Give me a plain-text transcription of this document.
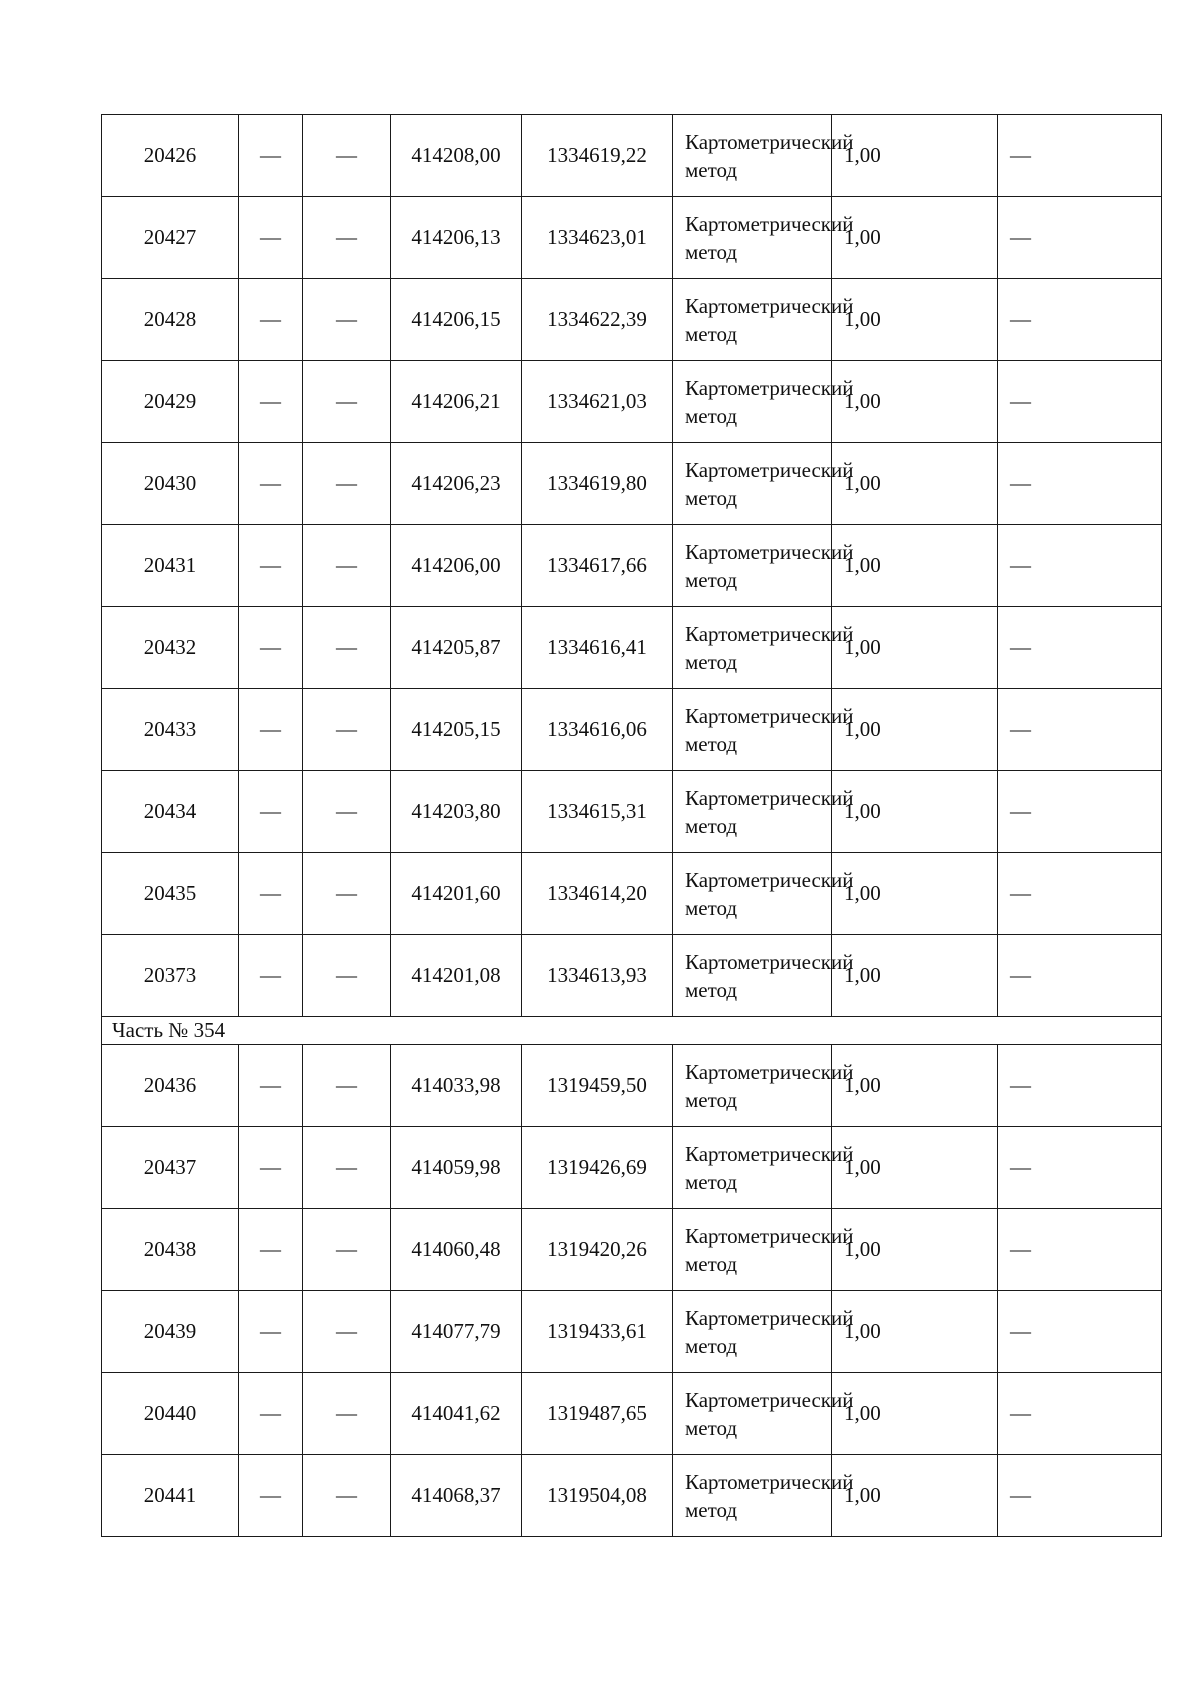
20426	—	—	414208,00	1334619,22	Картометрический метод	1,00	—
20427	—	—	414206,13	1334623,01	Картометрический метод	1,00	—
20428	—	—	414206,15	1334622,39	Картометрический метод	1,00	—
20429	—	—	414206,21	1334621,03	Картометрический метод	1,00	—
20430	—	—	414206,23	1334619,80	Картометрический метод	1,00	—
20431	—	—	414206,00	1334617,66	Картометрический метод	1,00	—
20432	—	—	414205,87	1334616,41	Картометрический метод	1,00	—
20433	—	—	414205,15	1334616,06	Картометрический метод	1,00	—
20434	—	—	414203,80	1334615,31	Картометрический метод	1,00	—
20435	—	—	414201,60	1334614,20	Картометрический метод	1,00	—
20373	—	—	414201,08	1334613,93	Картометрический метод	1,00	—
Часть № 354							
20436	—	—	414033,98	1319459,50	Картометрический метод	1,00	—
20437	—	—	414059,98	1319426,69	Картометрический метод	1,00	—
20438	—	—	414060,48	1319420,26	Картометрический метод	1,00	—
20439	—	—	414077,79	1319433,61	Картометрический метод	1,00	—
20440	—	—	414041,62	1319487,65	Картометрический метод	1,00	—
20441	—	—	414068,37	1319504,08	Картометрический метод	1,00	—
